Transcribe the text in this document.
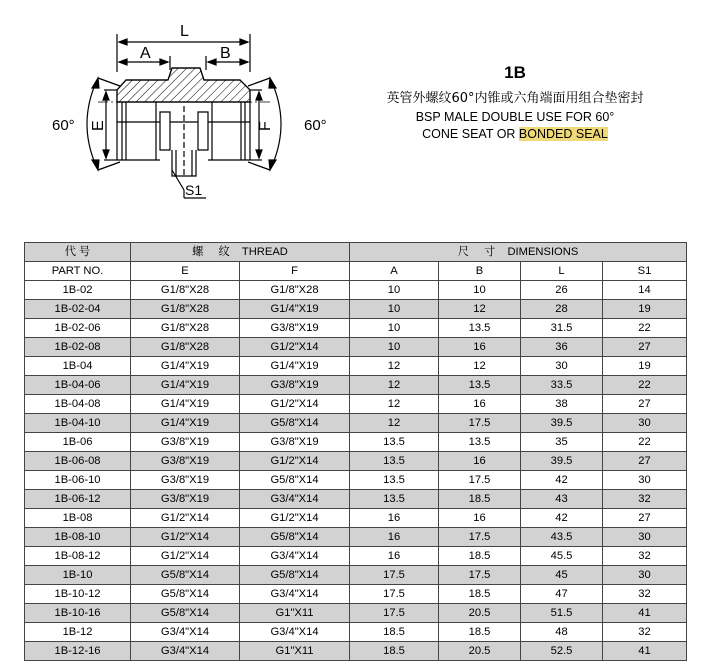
L
A	B
E	F
60°	60°
S1
1B
英管外螺纹60°内锥或六角端面用组合垫密封
BSP MALE DOUBLE USE FOR 60°
CONE SEAT OR BONDED SEAL
代 号	螺 纹 THREAD		尺 寸 DIMENSIONS			
PART NO.	E	F	A	B	L	S1
1B-02	G1/8"X28	G1/8"X28	10	10	26	14
1B-02-04	G1/8"X28	G1/4"X19	10	12	28	19
1B-02-06	G1/8"X28	G3/8"X19	10	13.5	31.5	22
1B-02-08	G1/8"X28	G1/2"X14	10	16	36	27
1B-04	G1/4"X19	G1/4"X19	12	12	30	19
1B-04-06	G1/4"X19	G3/8"X19	12	13.5	33.5	22
1B-04-08	G1/4"X19	G1/2"X14	12	16	38	27
1B-04-10	G1/4"X19	G5/8"X14	12	17.5	39.5	30
1B-06	G3/8"X19	G3/8"X19	13.5	13.5	35	22
1B-06-08	G3/8"X19	G1/2"X14	13.5	16	39.5	27
1B-06-10	G3/8"X19	G5/8"X14	13.5	17.5	42	30
1B-06-12	G3/8"X19	G3/4"X14	13.5	18.5	43	32
1B-08	G1/2"X14	G1/2"X14	16	16	42	27
1B-08-10	G1/2"X14	G5/8"X14	16	17.5	43.5	30
1B-08-12	G1/2"X14	G3/4"X14	16	18.5	45.5	32
1B-10	G5/8"X14	G5/8"X14	17.5	17.5	45	30
1B-10-12	G5/8"X14	G3/4"X14	17.5	18.5	47	32
1B-10-16	G5/8"X14	G1"X11	17.5	20.5	51.5	41
1B-12	G3/4"X14	G3/4"X14	18.5	18.5	48	32
1B-12-16	G3/4"X14	G1"X11	18.5	20.5	52.5	41
